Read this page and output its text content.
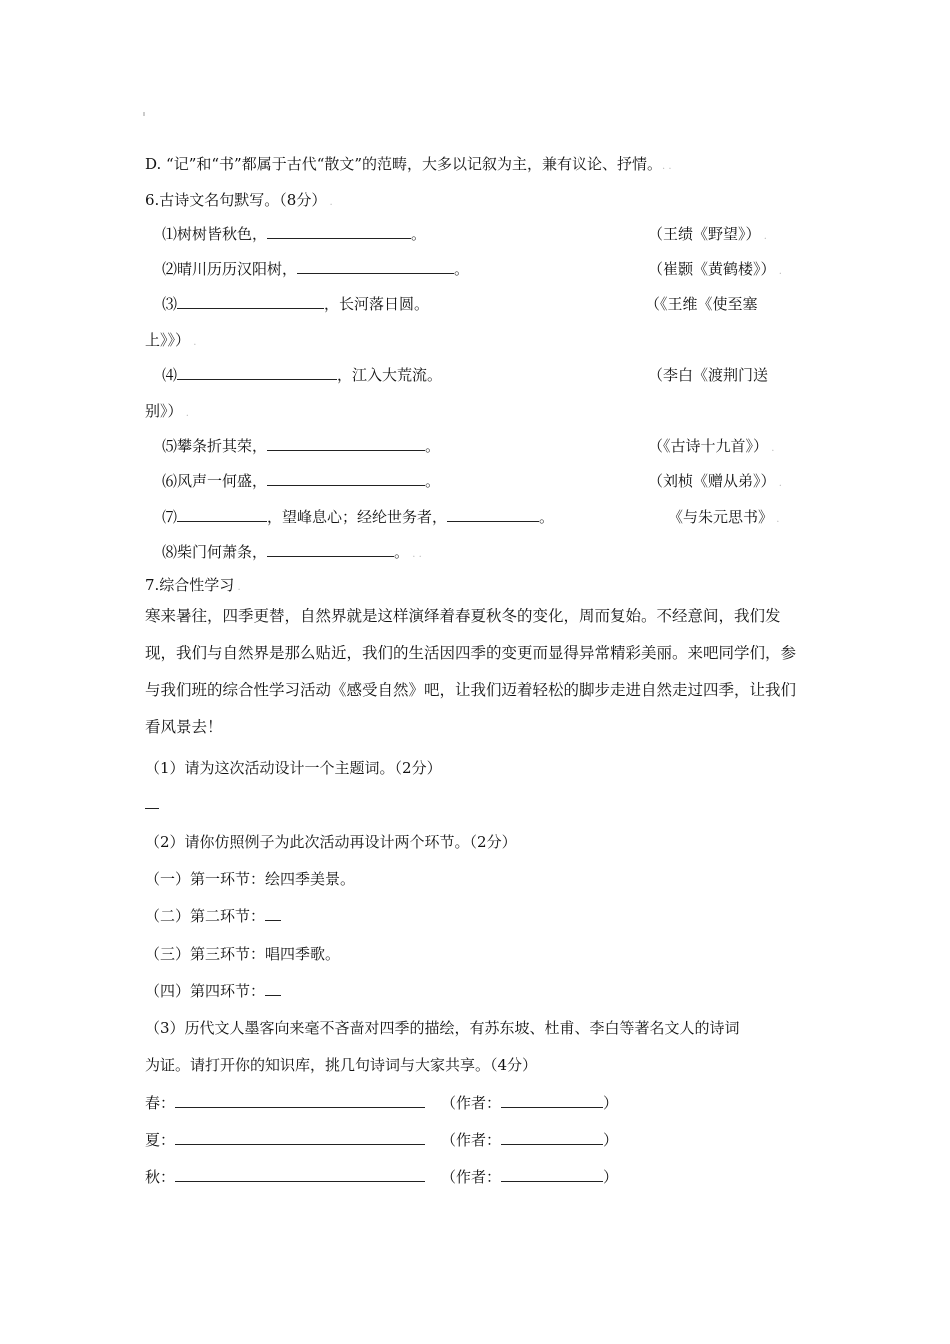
D. “记”和“书”都属于古代“散文”的范畴，大多以记叙为主，兼有议论、抒情。. .
6.古诗文名句默写。（8分） .
⑴树树皆秋色，	。	（王绩《野望》） .
⑵晴川历历汉阳树，	。	（崔颢《黄鹤楼》） .
⑶	，长河落日圆。	（《王维《使至塞
上》》） .
⑷	，江入大荒流。	（李白《渡荆门送
别》） .
⑸攀条折其荣，	。	（《古诗十九首》） .
⑹风声一何盛，	。	（刘桢《赠从弟》） .
⑺	，望峰息心；经纶世务者，	。	《与朱元思书》 .
⑻柴门何萧条，	。 . .
7.综合性学习 .
寒来暑往，四季更替，自然界就是这样演绎着春夏秋冬的变化，周而复始。不经意间，我们发现，我们与自然界是那么贴近，我们的生活因四季的变更而显得异常精彩美丽。来吧同学们，参与我们班的综合性学习活动《感受自然》吧，让我们迈着轻松的脚步走进自然走过四季，让我们看风景去！
（1）请为这次活动设计一个主题词。（2分）
（2）请你仿照例子为此次活动再设计两个环节。（2分）
（一）第一环节：绘四季美景。
（二）第二环节：
（三）第三环节：唱四季歌。
（四）第四环节：
（3）历代文人墨客向来毫不吝啬对四季的描绘，有苏东坡、杜甫、李白等著名文人的诗词
为证。请打开你的知识库，挑几句诗词与大家共享。（4分）
春：	（作者：	）
夏：	（作者：	）
秋：	（作者：	）
